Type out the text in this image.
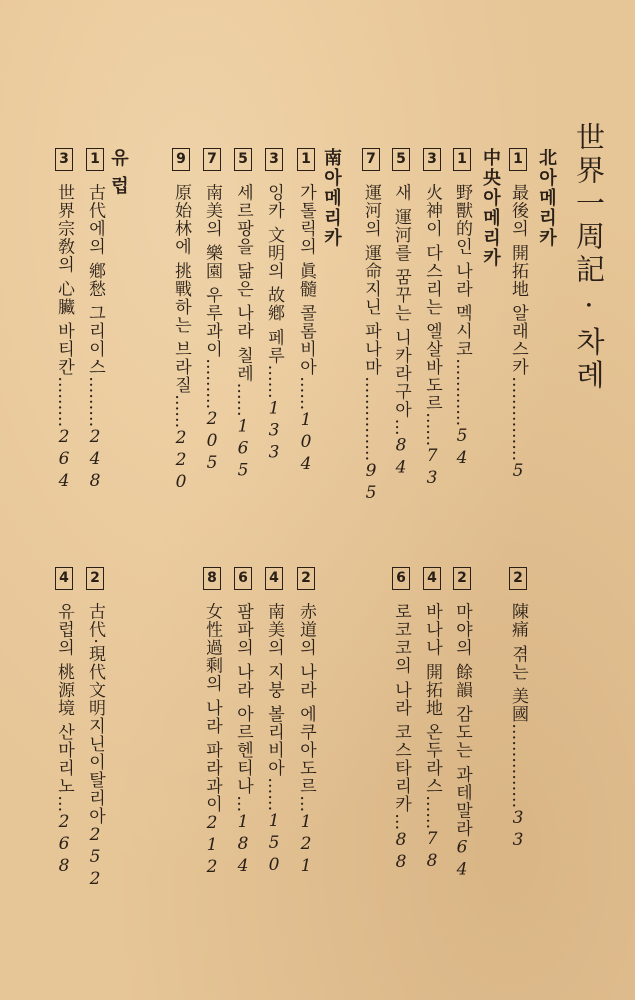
世界一周記 · 차례
北아메리카
中央아메리카
南아메리카
유 럽	1 最後의 開拓地 알래스카……………5
1 野獸的인 나라 멕시코…………54
3 火神이 다스리는 엘살바도르……73
5 새 運河를 꿈꾸는 니카라구아…84
7 運河의 運命지닌 파나마……………95
1 가톨릭의 眞髓 콜롬비아……104
3 잉카 文明의 故鄕 페루……133
5 세르팡을 닮은 나라 칠레……165
7 南美의 樂園 우루과이………205
9 原始林에 挑戰하는 브라질……220
1 古代에의 鄕愁 그리이스………248
3 世界宗敎의 心臟 바티칸………264
2 陳痛 겪는 美國……………33
2 마야의 餘韻 감도는 과테말라64
4 바나나 開拓地 온두라스……78
6 로코코의 나라 코스타리카…88
2 赤道의 나라 에쿠아도르…121
4 南美의 지붕 볼리비아……150
6 팜파의 나라 아르헨티나…184
8 女性過剩의 나라 파라과이212
2 古代·現代文明지닌이탈리아252
4 유럽의 桃源境 산마리노…268
